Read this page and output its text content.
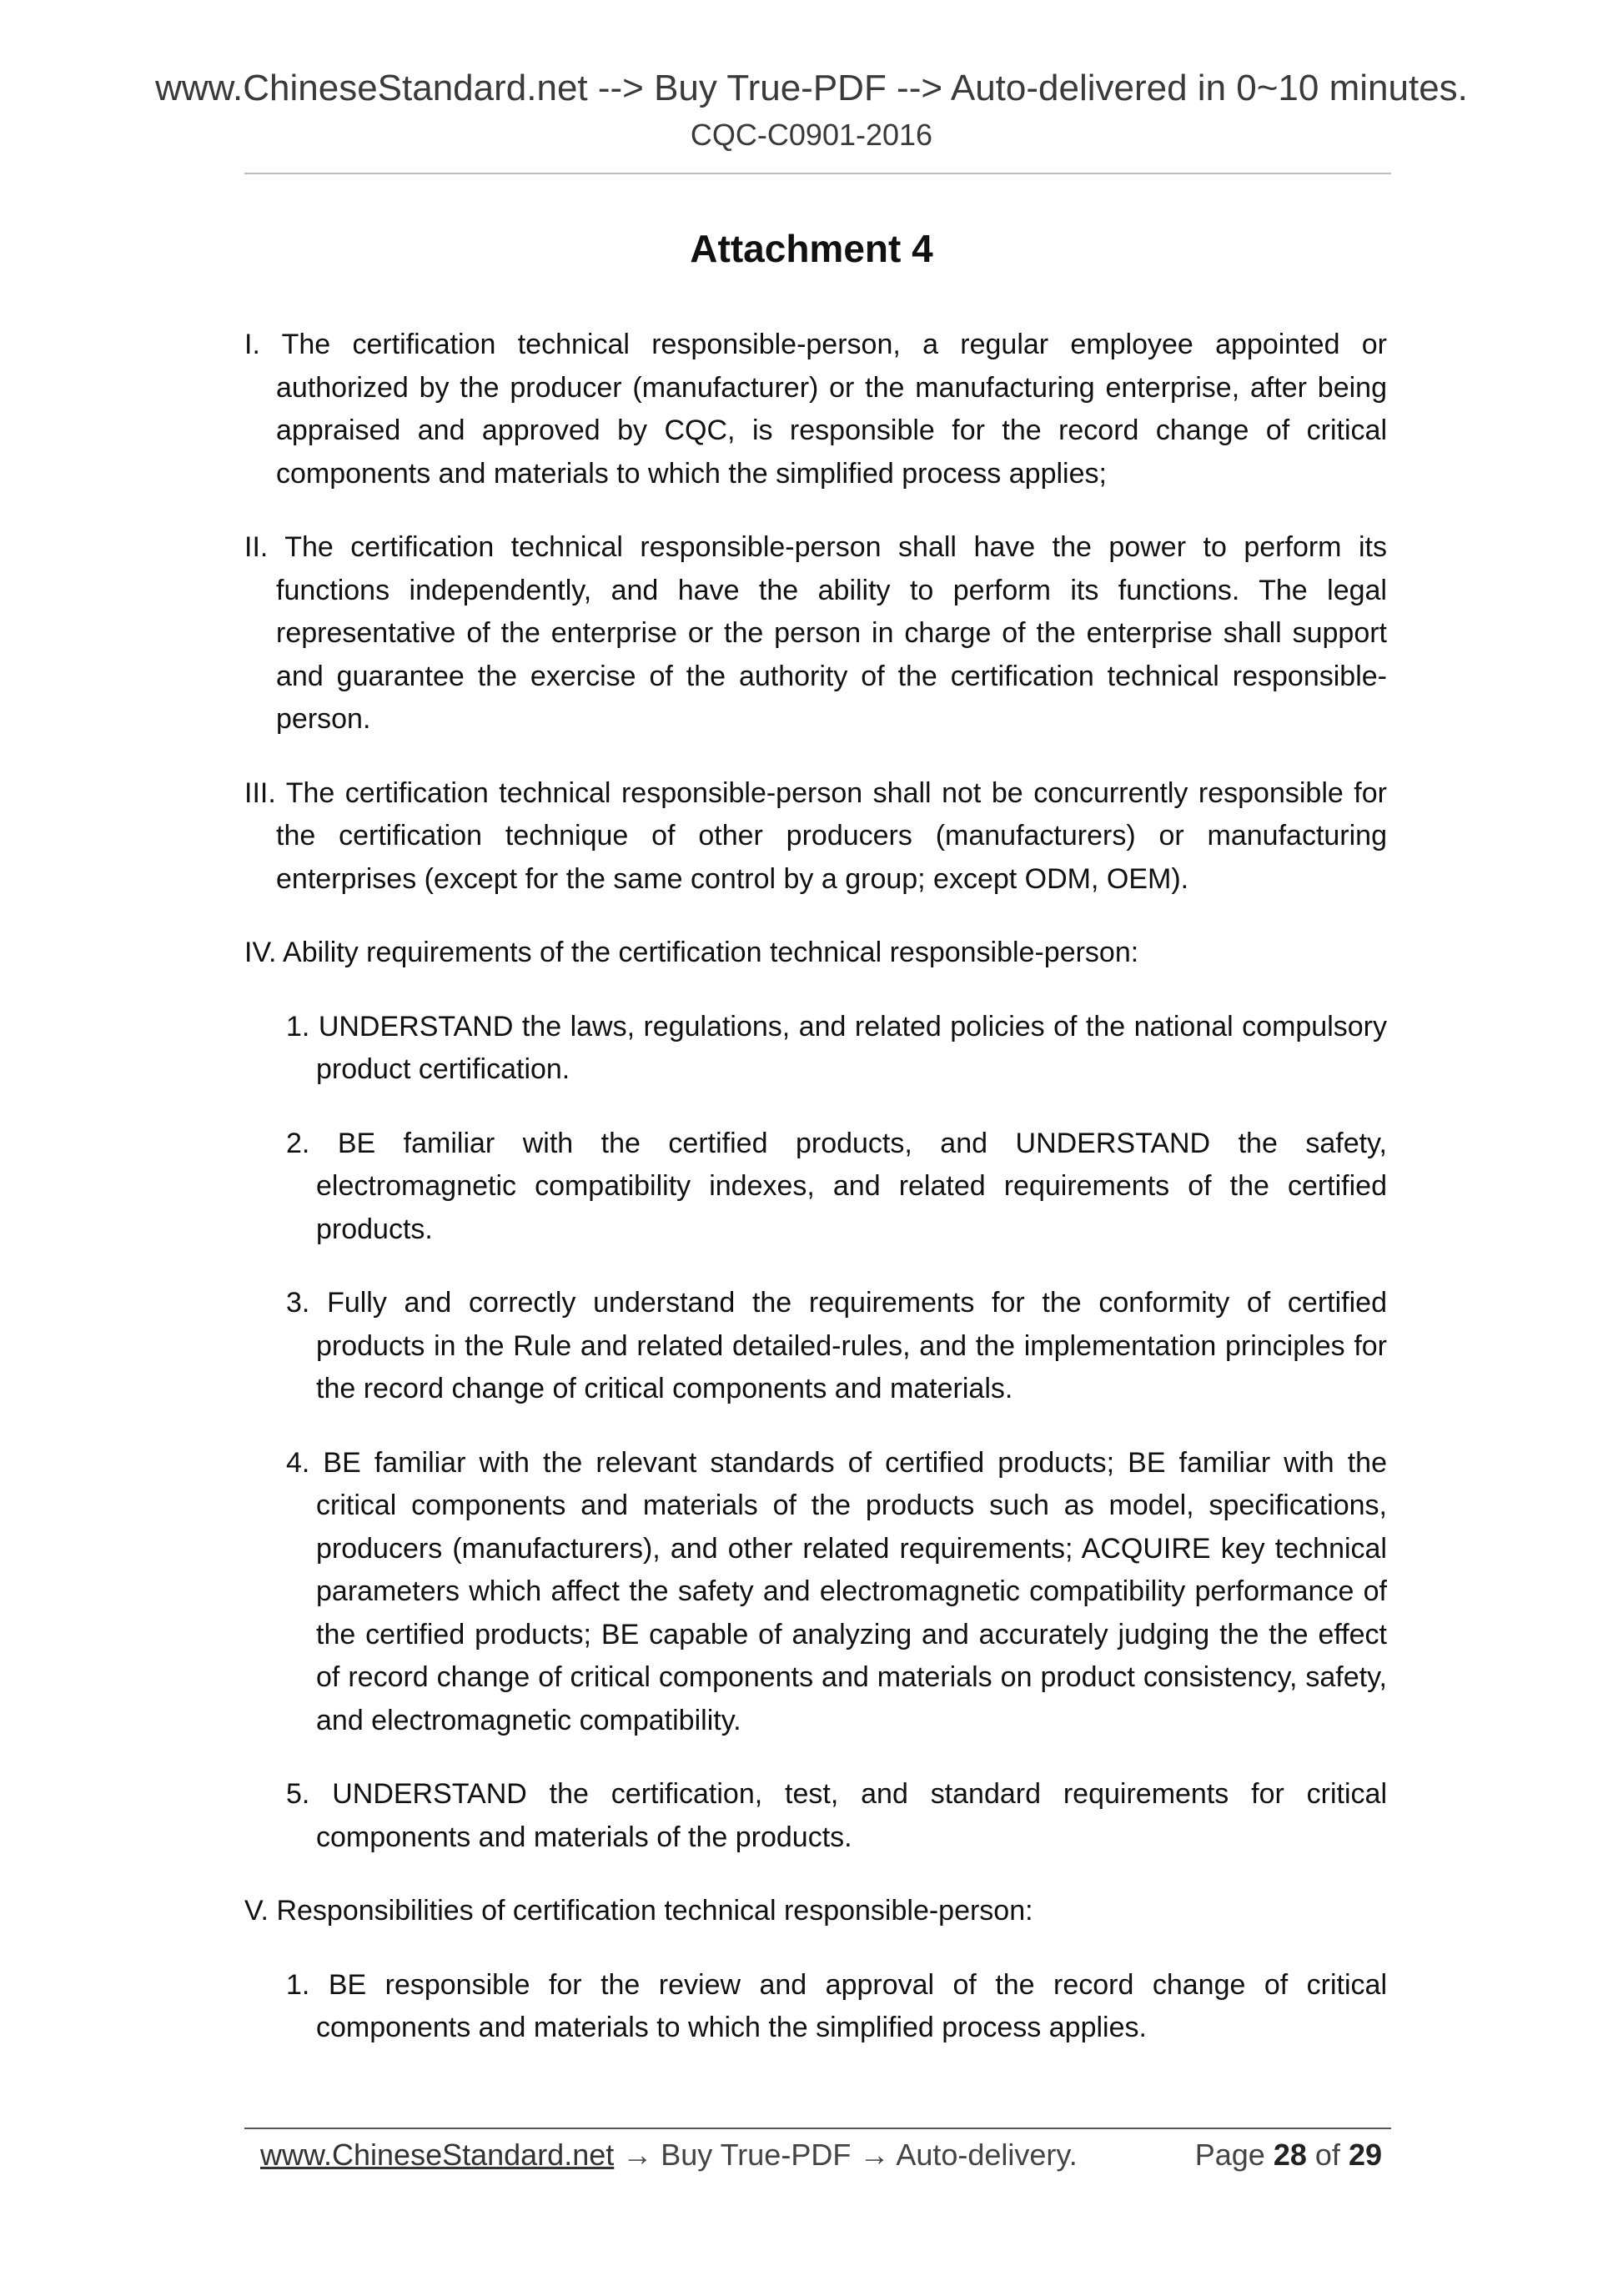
www.ChineseStandard.net --> Buy True-PDF --> Auto-delivered in 0~10 minutes.
CQC-C0901-2016
Attachment 4
I. The certification technical responsible-person, a regular employee appointed or authorized by the producer (manufacturer) or the manufacturing enterprise, after being appraised and approved by CQC, is responsible for the record change of critical components and materials to which the simplified process applies;
II. The certification technical responsible-person shall have the power to perform its functions independently, and have the ability to perform its functions. The legal representative of the enterprise or the person in charge of the enterprise shall support and guarantee the exercise of the authority of the certification technical responsible-person.
III. The certification technical responsible-person shall not be concurrently responsible for the certification technique of other producers (manufacturers) or manufacturing enterprises (except for the same control by a group; except ODM, OEM).
IV. Ability requirements of the certification technical responsible-person:
1. UNDERSTAND the laws, regulations, and related policies of the national compulsory product certification.
2. BE familiar with the certified products, and UNDERSTAND the safety, electromagnetic compatibility indexes, and related requirements of the certified products.
3. Fully and correctly understand the requirements for the conformity of certified products in the Rule and related detailed-rules, and the implementation principles for the record change of critical components and materials.
4. BE familiar with the relevant standards of certified products; BE familiar with the critical components and materials of the products such as model, specifications, producers (manufacturers), and other related requirements; ACQUIRE key technical parameters which affect the safety and electromagnetic compatibility performance of the certified products; BE capable of analyzing and accurately judging the the effect of record change of critical components and materials on product consistency, safety, and electromagnetic compatibility.
5. UNDERSTAND the certification, test, and standard requirements for critical components and materials of the products.
V. Responsibilities of certification technical responsible-person:
1. BE responsible for the review and approval of the record change of critical components and materials to which the simplified process applies.
www.ChineseStandard.net → Buy True-PDF → Auto-delivery.	Page 28 of 29
